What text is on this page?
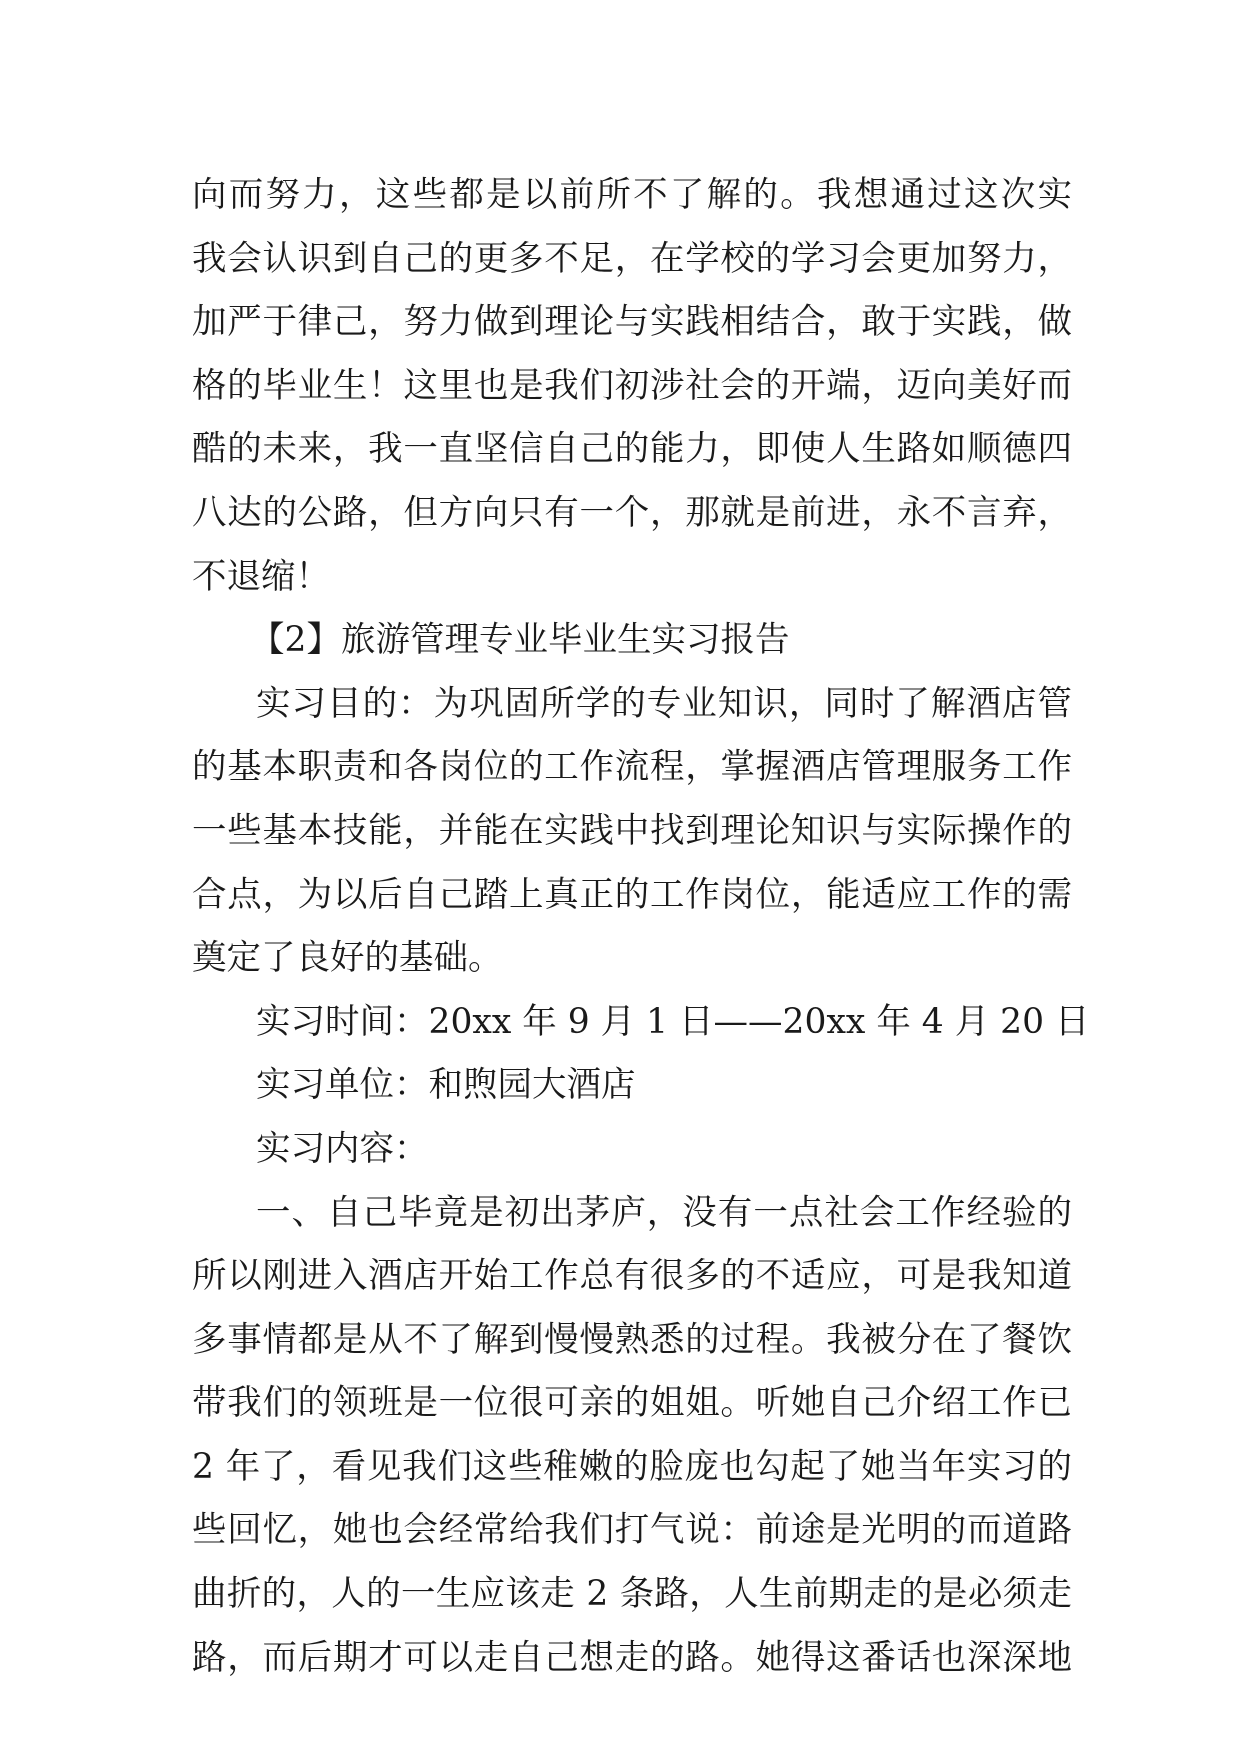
向而努力，这些都是以前所不了解的。我想通过这次实
我会认识到自己的更多不足，在学校的学习会更加努力，
加严于律己，努力做到理论与实践相结合，敢于实践，做
格的毕业生！这里也是我们初涉社会的开端，迈向美好而
酷的未来，我一直坚信自己的能力，即使人生路如顺德四
八达的公路，但方向只有一个，那就是前进，永不言弃，
不退缩！
【2】旅游管理专业毕业生实习报告
实习目的：为巩固所学的专业知识，同时了解酒店管
的基本职责和各岗位的工作流程，掌握酒店管理服务工作
一些基本技能，并能在实践中找到理论知识与实际操作的
合点，为以后自己踏上真正的工作岗位，能适应工作的需
奠定了良好的基础。
实习时间：20xx 年 9 月 1 日——20xx 年 4 月 20 日
实习单位：和煦园大酒店
实习内容：
一、自己毕竟是初出茅庐，没有一点社会工作经验的
所以刚进入酒店开始工作总有很多的不适应，可是我知道
多事情都是从不了解到慢慢熟悉的过程。我被分在了餐饮
带我们的领班是一位很可亲的姐姐。听她自己介绍工作已
2 年了，看见我们这些稚嫩的脸庞也勾起了她当年实习的
些回忆，她也会经常给我们打气说：前途是光明的而道路
曲折的，人的一生应该走 2 条路，人生前期走的是必须走
路，而后期才可以走自己想走的路。她得这番话也深深地
